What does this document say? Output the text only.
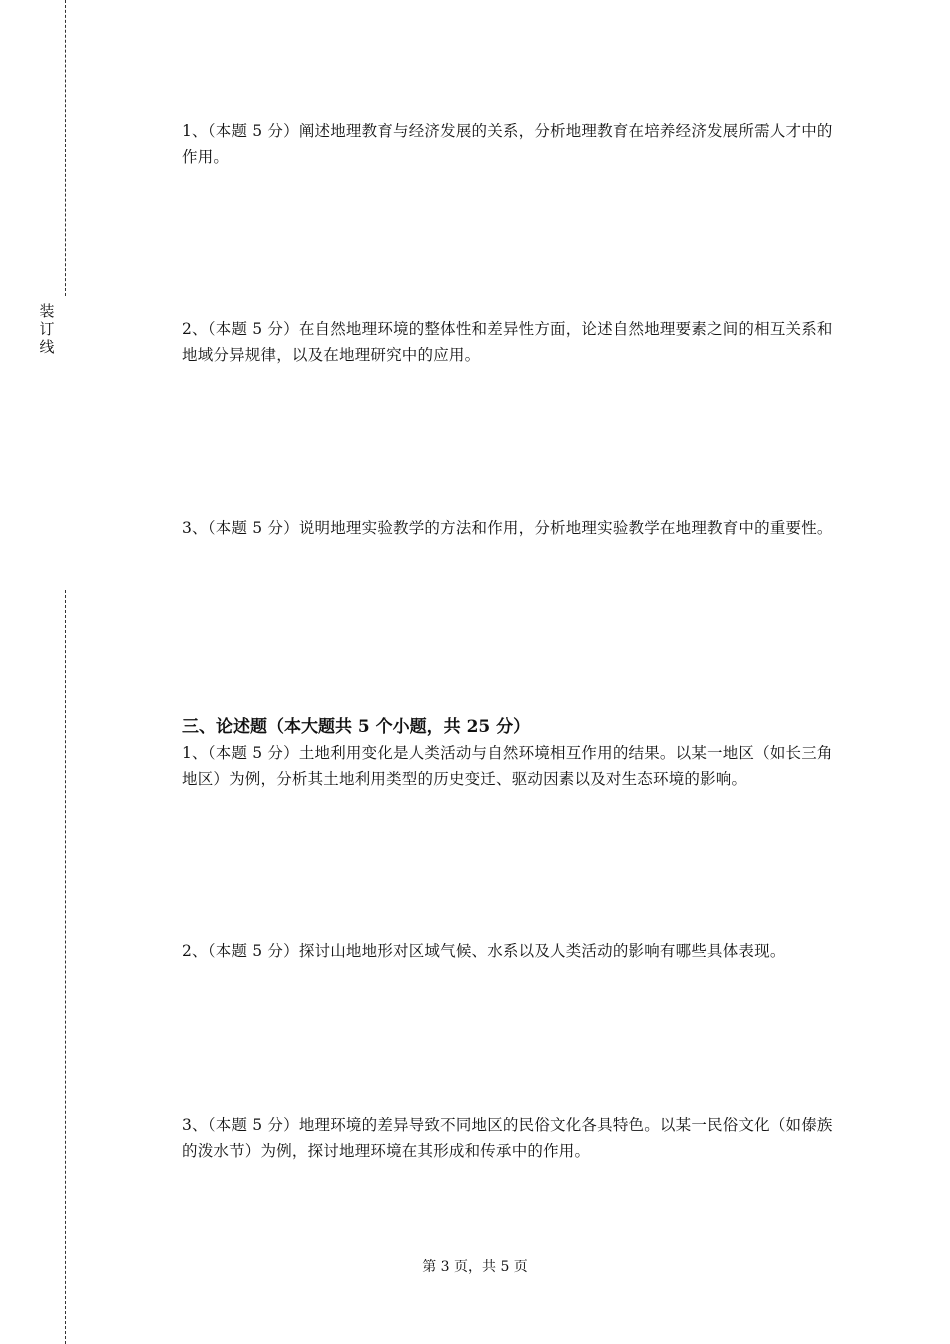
装
订
线

1、（本题 5 分）阐述地理教育与经济发展的关系，分析地理教育在培养经济发展所需人才中的作用。

2、（本题 5 分）在自然地理环境的整体性和差异性方面，论述自然地理要素之间的相互关系和地域分异规律，以及在地理研究中的应用。

3、（本题 5 分）说明地理实验教学的方法和作用，分析地理实验教学在地理教育中的重要性。

三、论述题（本大题共 5 个小题，共 25 分）

1、（本题 5 分）土地利用变化是人类活动与自然环境相互作用的结果。以某一地区（如长三角地区）为例，分析其土地利用类型的历史变迁、驱动因素以及对生态环境的影响。

2、（本题 5 分）探讨山地地形对区域气候、水系以及人类活动的影响有哪些具体表现。

3、（本题 5 分）地理环境的差异导致不同地区的民俗文化各具特色。以某一民俗文化（如傣族的泼水节）为例，探讨地理环境在其形成和传承中的作用。

第 3 页，共 5 页
